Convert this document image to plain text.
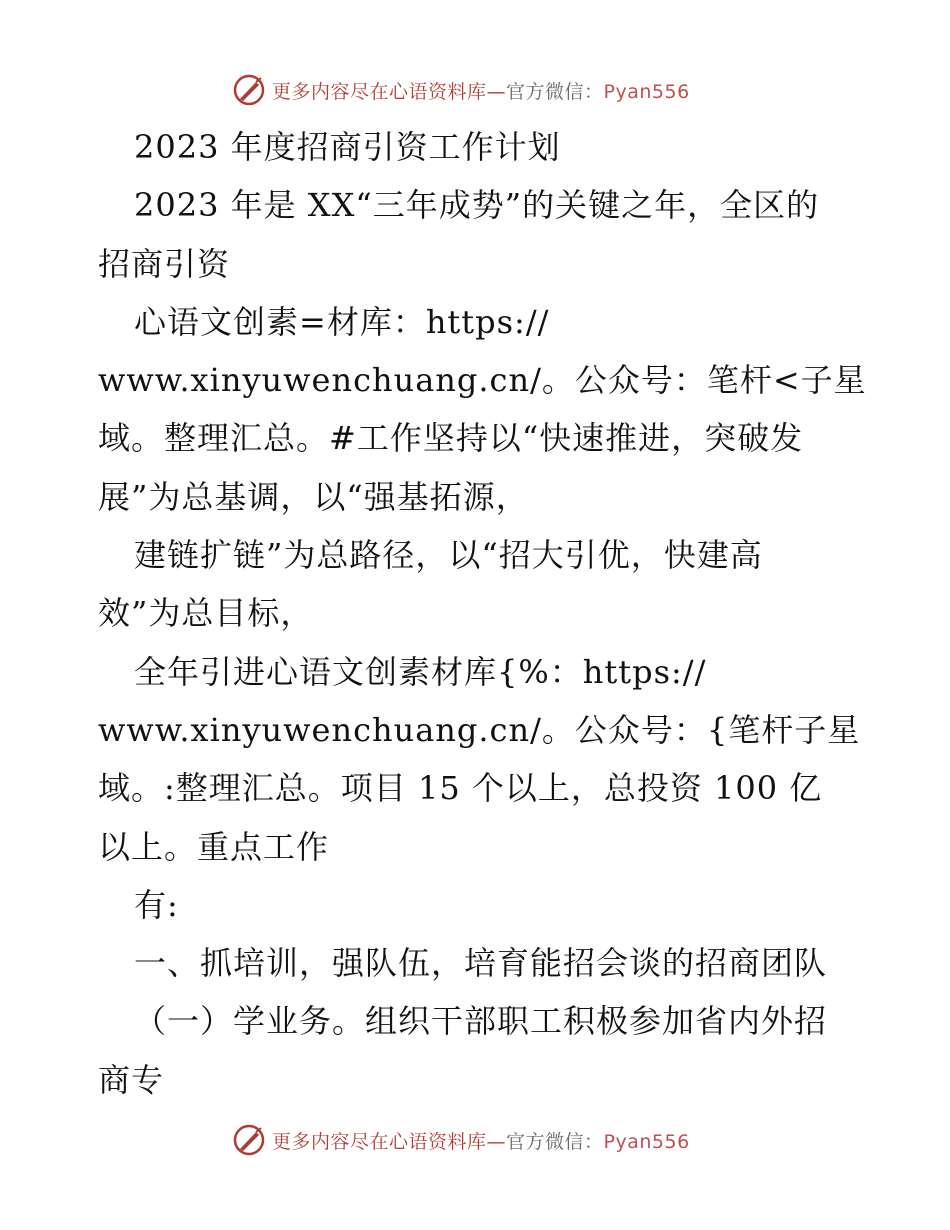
更多内容尽在心语资料库—官方微信：Pyan556
2023 年度招商引资工作计划
2023 年是 XX“三年成势”的关键之年，全区的
招商引资
心语文创素=材库：https://
www.xinyuwenchuang.cn/。公众号：笔杆<子星
域。整理汇总。#工作坚持以“快速推进，突破发
展”为总基调，以“强基拓源，
建链扩链”为总路径，以“招大引优，快建高
效”为总目标，
全年引进心语文创素材库{%：https://
www.xinyuwenchuang.cn/。公众号：{笔杆子星
域。:整理汇总。项目 15 个以上，总投资 100 亿
以上。重点工作
有:
一、抓培训，强队伍，培育能招会谈的招商团队
（一）学业务。组织干部职工积极参加省内外招
商专
更多内容尽在心语资料库—官方微信：Pyan556
